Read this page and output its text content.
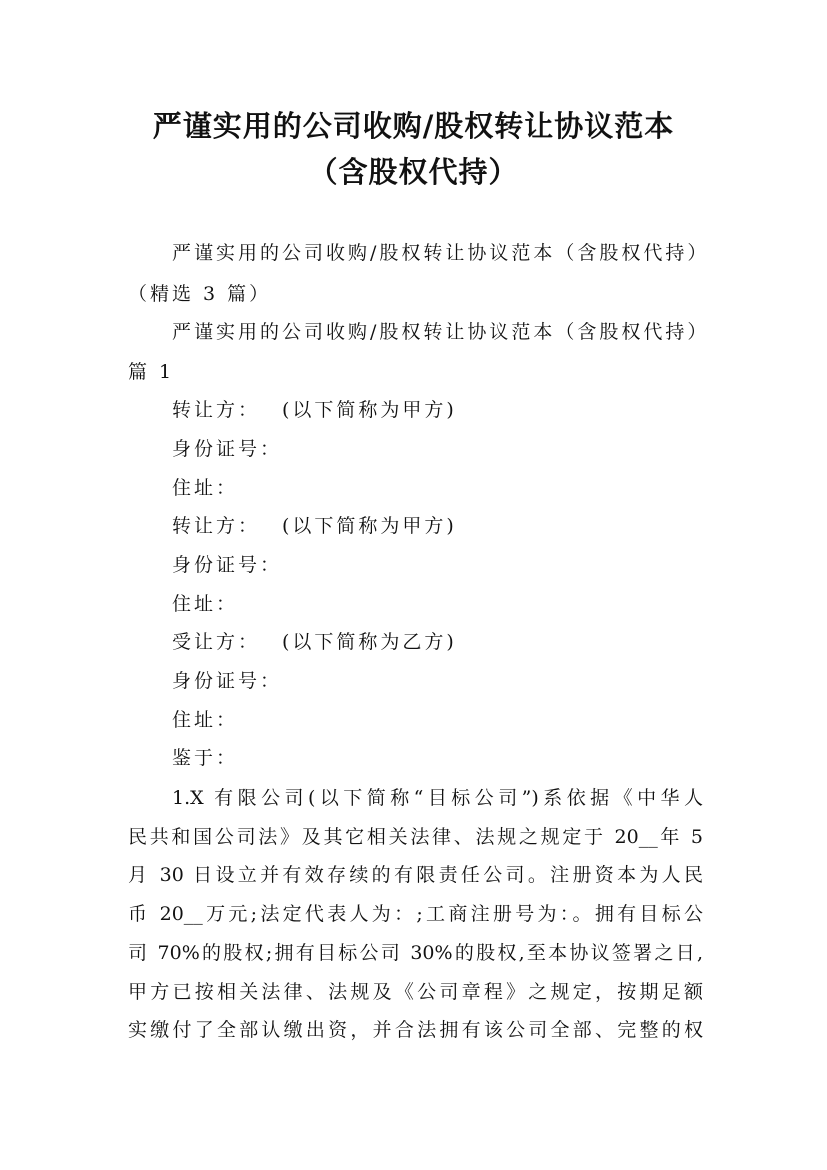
严谨实用的公司收购/股权转让协议范本
（含股权代持）
严谨实用的公司收购/股权转让协议范本（含股权代持）
（精选 3 篇）
严谨实用的公司收购/股权转让协议范本（含股权代持）
篇 1
转让方： (以下简称为甲方)
身份证号：
住址：
转让方： (以下简称为甲方)
身份证号：
住址：
受让方： (以下简称为乙方)
身份证号：
住址：
鉴于：
1.X 有限公司(以下简称“目标公司”)系依据《中华人
民共和国公司法》及其它相关法律、法规之规定于 20__年 5
月 30 日设立并有效存续的有限责任公司。注册资本为人民
币 20__万元;法定代表人为：;工商注册号为：。拥有目标公
司 70%的股权;拥有目标公司 30%的股权,至本协议签署之日,
甲方已按相关法律、法规及《公司章程》之规定，按期足额
实缴付了全部认缴出资，并合法拥有该公司全部、完整的权
